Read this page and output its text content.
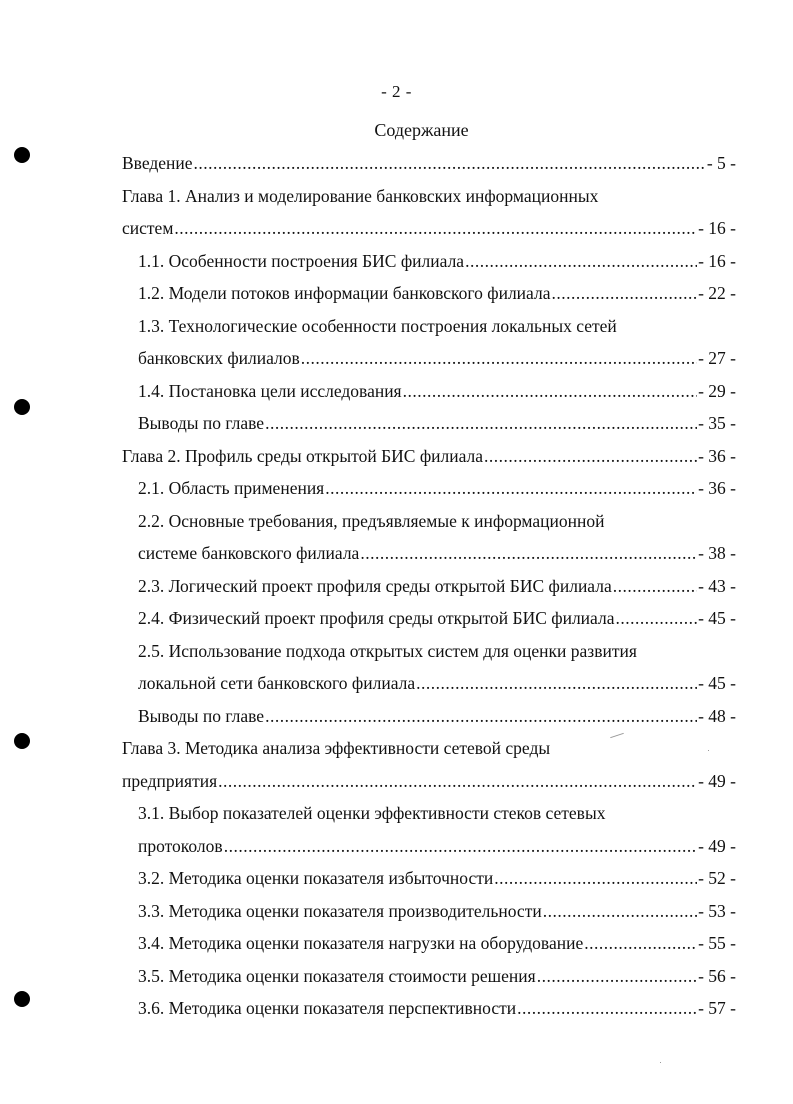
- 2 -
Содержание
Введение .....	- 5 -
Глава 1. Анализ и моделирование банковских информационных
систем .....	- 16 -
1.1. Особенности построения БИС филиала .....	- 16 -
1.2. Модели потоков информации банковского филиала .....	- 22 -
1.3. Технологические особенности построения локальных сетей
банковских филиалов .....	- 27 -
1.4. Постановка цели исследования .....	- 29 -
Выводы по главе .....	- 35 -
Глава 2. Профиль среды открытой БИС филиала .....	- 36 -
2.1. Область применения .....	- 36 -
2.2. Основные требования, предъявляемые к информационной
системе банковского филиала .....	- 38 -
2.3. Логический проект профиля среды открытой БИС филиала .....	- 43 -
2.4. Физический проект профиля среды открытой БИС филиала .....	- 45 -
2.5. Использование подхода открытых систем для оценки развития
локальной сети банковского филиала .....	- 45 -
Выводы по главе .....	- 48 -
Глава 3. Методика анализа эффективности сетевой среды
предприятия .....	- 49 -
3.1. Выбор показателей оценки эффективности стеков сетевых
протоколов .....	- 49 -
3.2. Методика оценки показателя избыточности .....	- 52 -
3.3. Методика оценки показателя производительности .....	- 53 -
3.4. Методика оценки показателя нагрузки на оборудование .....	- 55 -
3.5. Методика оценки показателя стоимости решения .....	- 56 -
3.6. Методика оценки показателя перспективности .....	- 57 -
